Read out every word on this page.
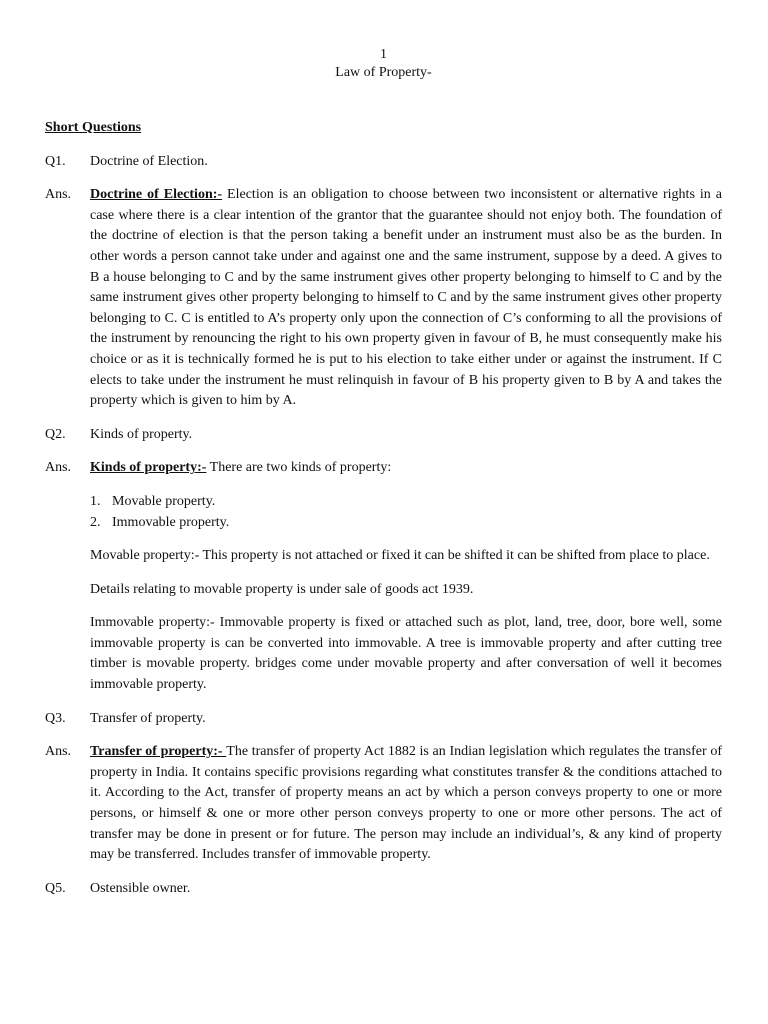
1
Law of Property-
Short Questions
Q1.	Doctrine of Election.
Ans.	Doctrine of Election:- Election is an obligation to choose between two inconsistent or alternative rights in a case where there is a clear intention of the grantor that the guarantee should not enjoy both. The foundation of the doctrine of election is that the person taking a benefit under an instrument must also be as the burden. In other words a person cannot take under and against one and the same instrument, suppose by a deed. A gives to B a house belonging to C and by the same instrument gives other property belonging to himself to C and by the same instrument gives other property belonging to himself to C and by the same instrument gives other property belonging to C. C is entitled to A’s property only upon the connection of C’s conforming to all the provisions of the instrument by renouncing the right to his own property given in favour of B, he must consequently make his choice or as it is technically formed he is put to his election to take either under or against the instrument. If C elects to take under the instrument he must relinquish in favour of B his property given to B by A and takes the property which is given to him by A.
Q2.	Kinds of property.
Ans.	Kinds of property:- There are two kinds of property:
1. Movable property.
2. Immovable property.
Movable property:- This property is not attached or fixed it can be shifted it can be shifted from place to place.
Details relating to movable property is under sale of goods act 1939.
Immovable property:- Immovable property is fixed or attached such as plot, land, tree, door, bore well, some immovable property is can be converted into immovable. A tree is immovable property and after cutting tree timber is movable property. bridges come under movable property and after conversation of well it becomes immovable property.
Q3.	Transfer of property.
Ans.	Transfer of property:- The transfer of property Act 1882 is an Indian legislation which regulates the transfer of property in India. It contains specific provisions regarding what constitutes transfer & the conditions attached to it. According to the Act, transfer of property means an act by which a person conveys property to one or more persons, or himself & one or more other person conveys property to one or more other persons. The act of transfer may be done in present or for future. The person may include an individual’s, & any kind of property may be transferred. Includes transfer of immovable property.
Q5.	Ostensible owner.
